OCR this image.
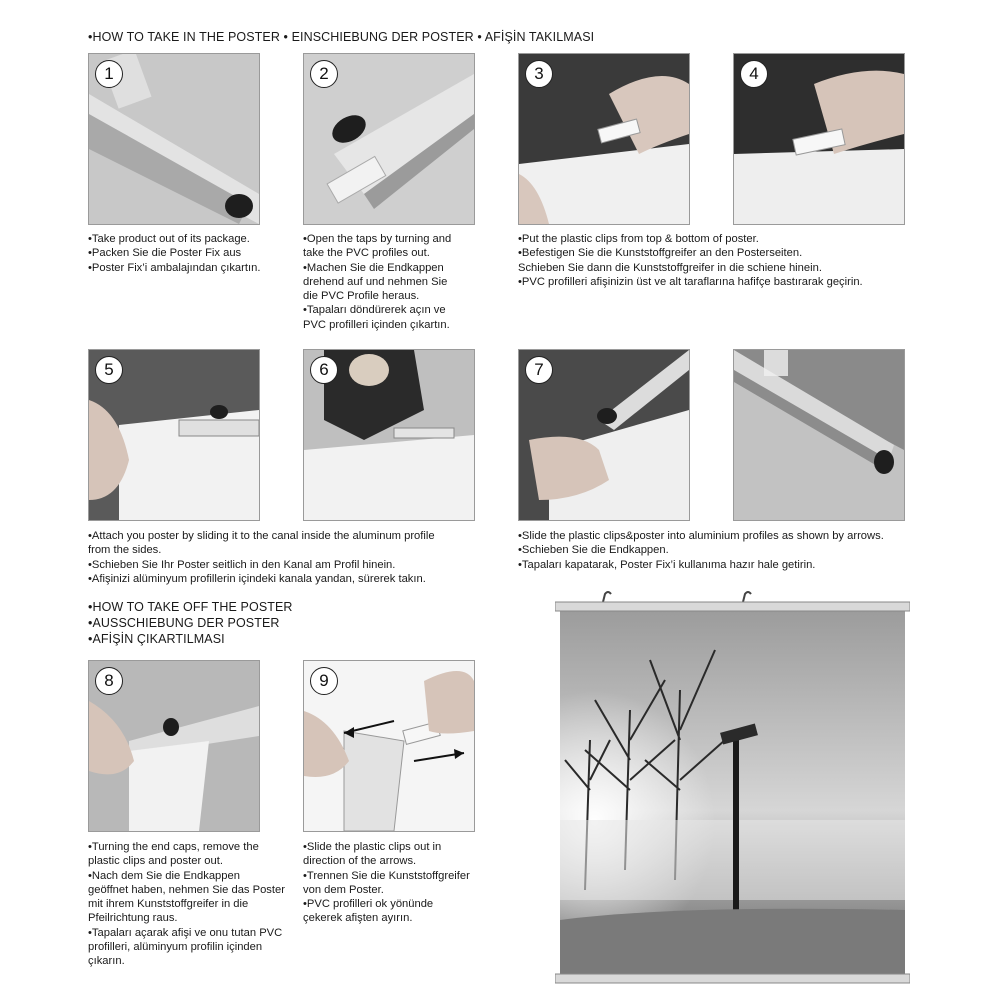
•HOW TO TAKE IN THE POSTER • EINSCHIEBUNG DER POSTER • AFİŞİN TAKILMASI
•HOW TO TAKE OFF THE POSTER
•AUSSCHIEBUNG DER POSTER
•AFİŞİN ÇIKARTILMASI
1	2	3	4
5	6	7
8	9
•Take product out of its package.
•Packen Sie die Poster Fix aus
•Poster Fix’i ambalajından çıkartın.
•Open the taps by turning and
take the PVC profiles out.
•Machen Sie die Endkappen
drehend auf und nehmen Sie
die PVC Profile heraus.
•Tapaları döndürerek açın ve
PVC profilleri içinden çıkartın.
•Put the plastic clips from top & bottom of poster.
•Befestigen Sie die Kunststoffgreifer an den Posterseiten.
Schieben Sie dann die Kunststoffgreifer in die schiene hinein.
•PVC profilleri afişinizin üst ve alt taraflarına hafifçe bastırarak geçirin.
•Attach you poster by sliding it to the canal inside the aluminum profile
from the sides.
•Schieben Sie Ihr Poster seitlich in den Kanal am Profil hinein.
•Afişinizi alüminyum profillerin içindeki kanala yandan, sürerek takın.
•Slide the plastic clips&poster into aluminium profiles as shown by arrows.
•Schieben Sie die Endkappen.
•Tapaları kapatarak, Poster Fix’i kullanıma hazır hale getirin.
•Turning the end caps, remove the
plastic clips and poster out.
•Nach dem Sie die Endkappen
geöffnet haben, nehmen Sie das Poster
mit ihrem Kunststoffgreifer in die
Pfeilrichtung raus.
•Tapaları açarak afişi ve onu tutan PVC
profilleri, alüminyum profilin içinden
çıkarın.
•Slide the plastic clips out in
direction of the arrows.
•Trennen Sie die Kunststoffgreifer
von dem Poster.
•PVC profilleri ok yönünde
çekerek afişten ayırın.
